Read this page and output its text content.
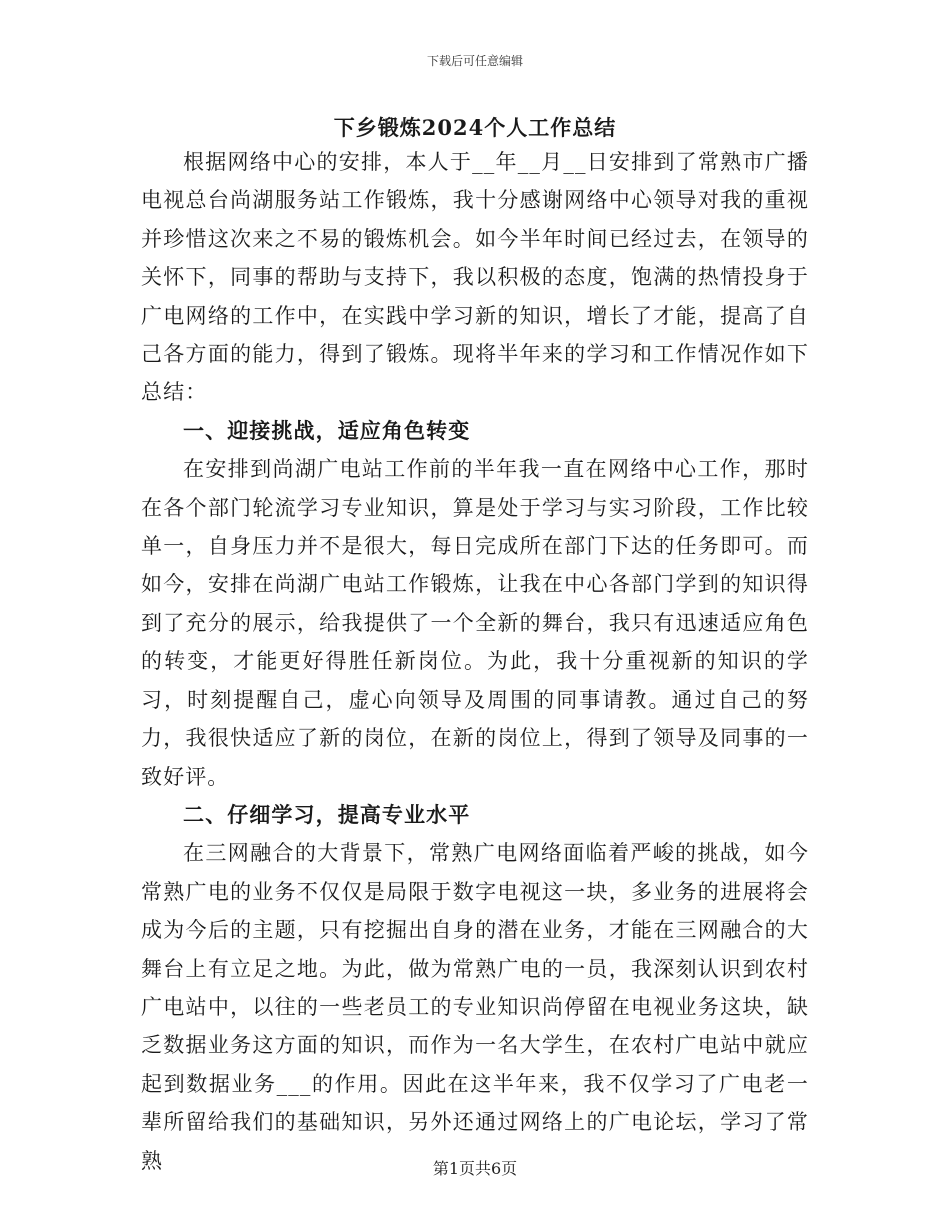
下载后可任意编辑
下乡锻炼2024个人工作总结

根据网络中心的安排，本人于__年__月__日安排到了常熟市广播电视总台尚湖服务站工作锻炼，我十分感谢网络中心领导对我的重视并珍惜这次来之不易的锻炼机会。如今半年时间已经过去，在领导的关怀下，同事的帮助与支持下，我以积极的态度，饱满的热情投身于广电网络的工作中，在实践中学习新的知识，增长了才能，提高了自己各方面的能力，得到了锻炼。现将半年来的学习和工作情况作如下总结：

一、迎接挑战，适应角色转变

在安排到尚湖广电站工作前的半年我一直在网络中心工作，那时在各个部门轮流学习专业知识，算是处于学习与实习阶段，工作比较单一，自身压力并不是很大，每日完成所在部门下达的任务即可。而如今，安排在尚湖广电站工作锻炼，让我在中心各部门学到的知识得到了充分的展示，给我提供了一个全新的舞台，我只有迅速适应角色的转变，才能更好得胜任新岗位。为此，我十分重视新的知识的学习，时刻提醒自己，虚心向领导及周围的同事请教。通过自己的努力，我很快适应了新的岗位，在新的岗位上，得到了领导及同事的一致好评。

二、仔细学习，提高专业水平

在三网融合的大背景下，常熟广电网络面临着严峻的挑战，如今常熟广电的业务不仅仅是局限于数字电视这一块，多业务的进展将会成为今后的主题，只有挖掘出自身的潜在业务，才能在三网融合的大舞台上有立足之地。为此，做为常熟广电的一员，我深刻认识到农村广电站中，以往的一些老员工的专业知识尚停留在电视业务这块，缺乏数据业务这方面的知识，而作为一名大学生，在农村广电站中就应起到数据业务___的作用。因此在这半年来，我不仅学习了广电老一辈所留给我们的基础知识，另外还通过网络上的广电论坛，学习了常熟	第1页共6页
